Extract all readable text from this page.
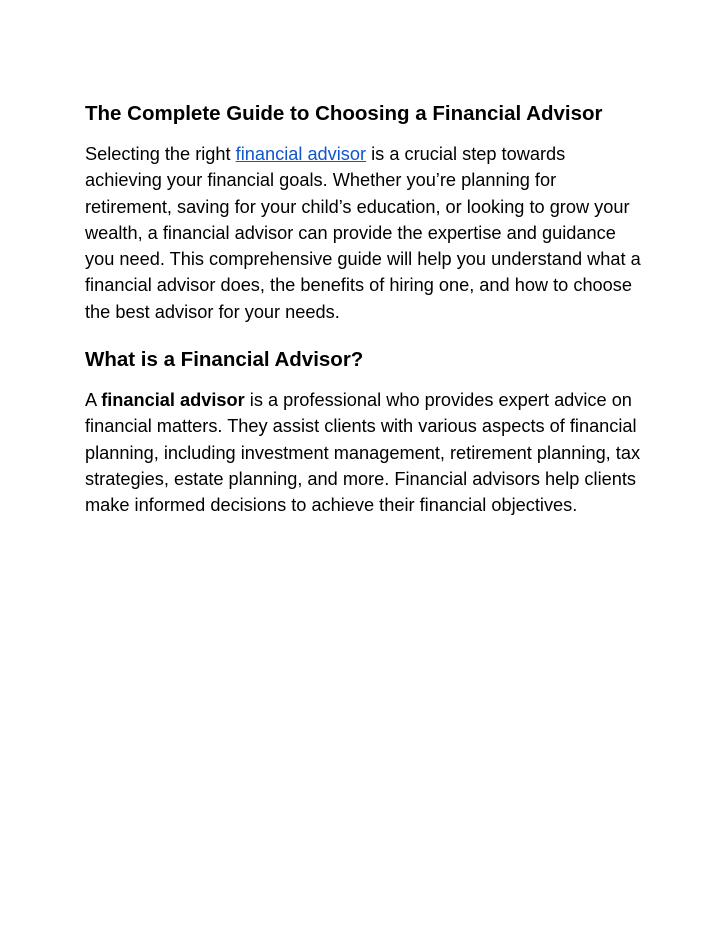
The Complete Guide to Choosing a Financial Advisor

Selecting the right financial advisor is a crucial step towards achieving your financial goals. Whether you’re planning for retirement, saving for your child’s education, or looking to grow your wealth, a financial advisor can provide the expertise and guidance you need. This comprehensive guide will help you understand what a financial advisor does, the benefits of hiring one, and how to choose the best advisor for your needs.

What is a Financial Advisor?

A financial advisor is a professional who provides expert advice on financial matters. They assist clients with various aspects of financial planning, including investment management, retirement planning, tax strategies, estate planning, and more. Financial advisors help clients make informed decisions to achieve their financial objectives.
